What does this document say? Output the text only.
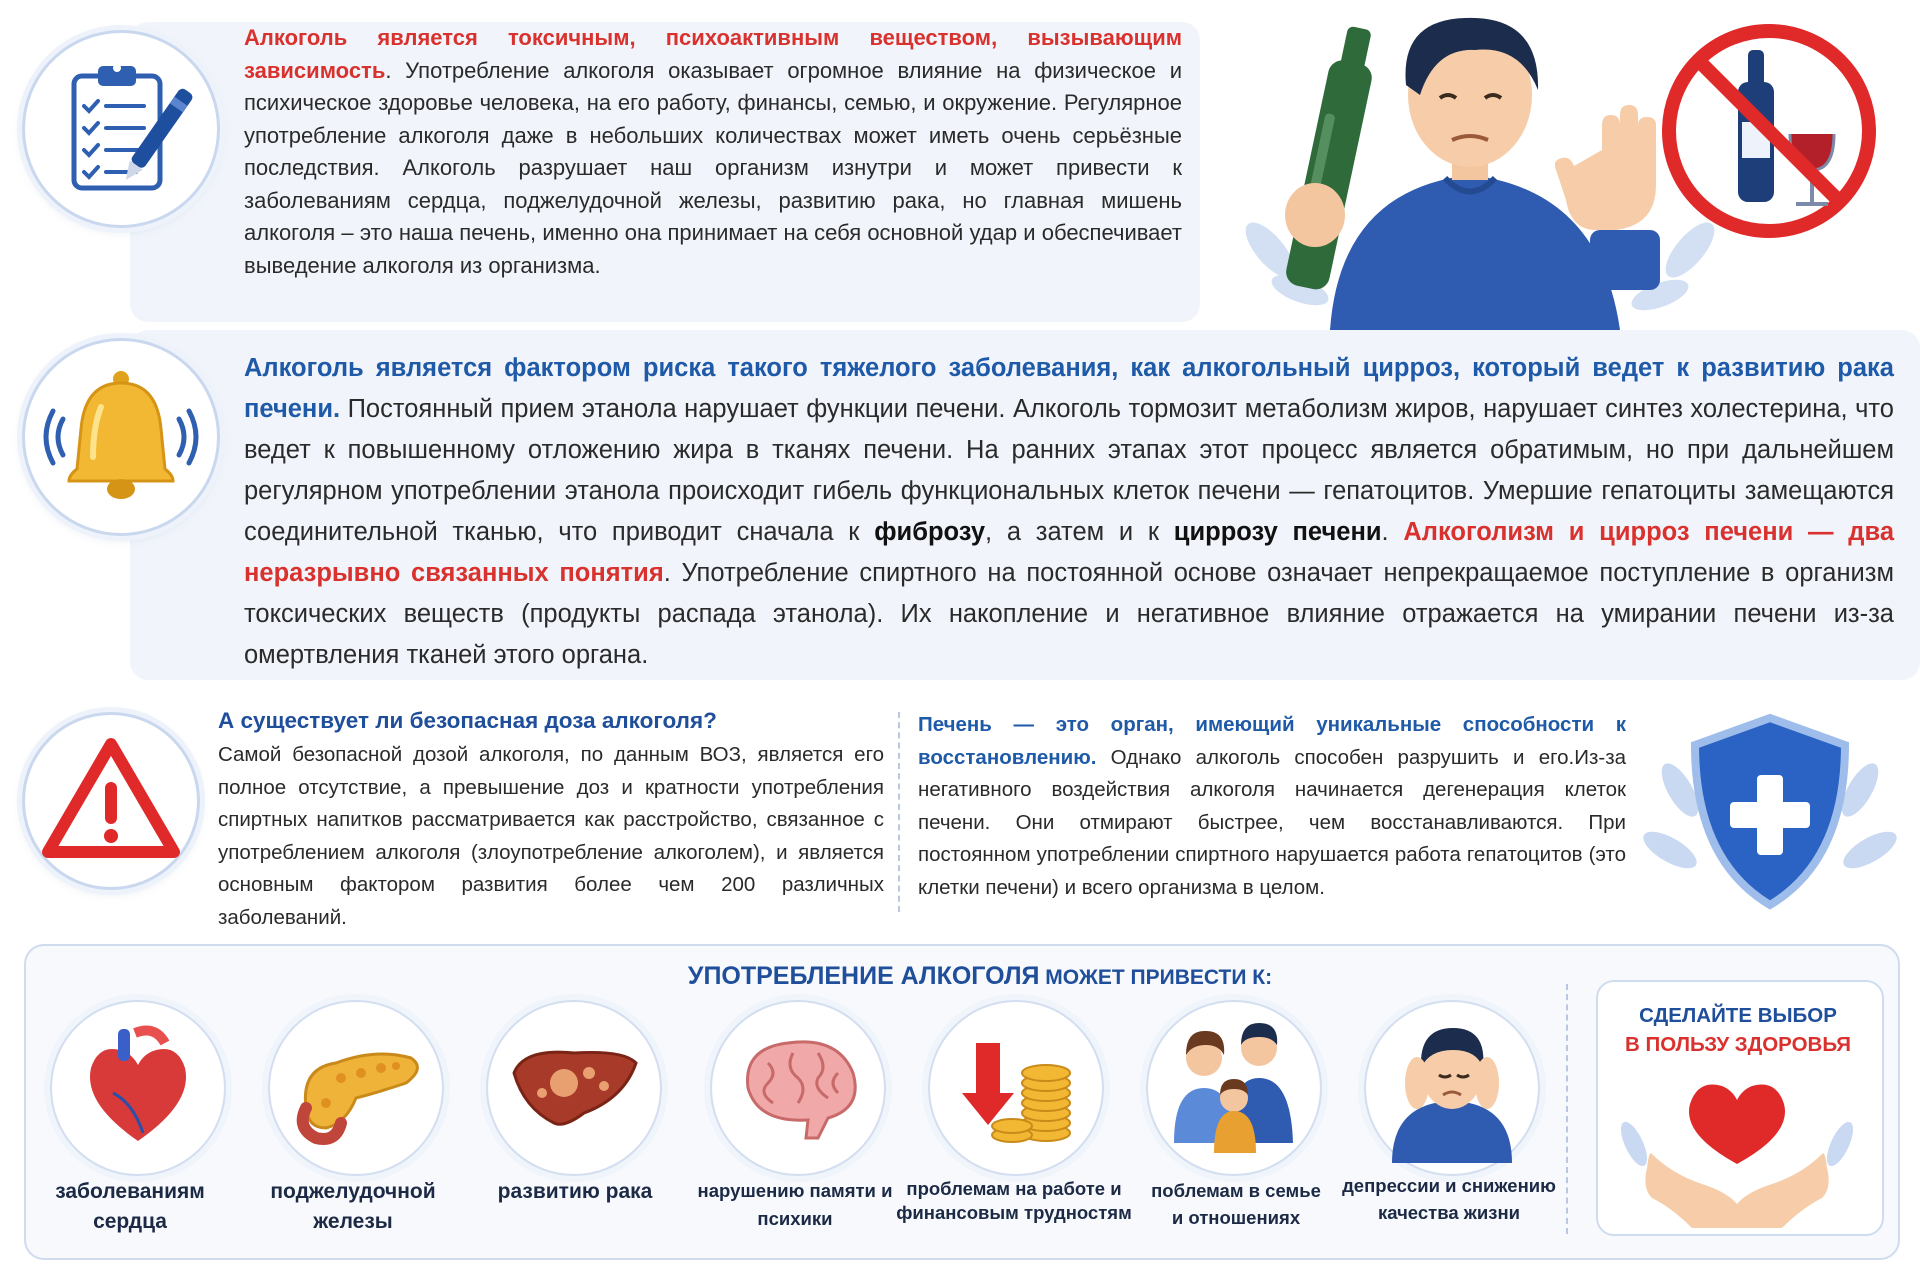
Алкоголь является токсичным, психоактивным веществом, вызывающим зависимость. Употребление алкоголя оказывает огромное влияние на физическое и психическое здоровье человека, на его работу, финансы, семью, и окружение. Регулярное употребление алкоголя даже в небольших количествах может иметь очень серьёзные последствия. Алкоголь разрушает наш организм изнутри и может привести к заболеваниям сердца, поджелудочной железы, развитию рака, но главная мишень алкоголя – это наша печень, именно она принимает на себя основной удар и обеспечивает выведение алкоголя из организма.
Алкоголь является фактором риска такого тяжелого заболевания, как алкогольный цирроз, который ведет к развитию рака печени. Постоянный прием этанола нарушает функции печени. Алкоголь тормозит метаболизм жиров, нарушает синтез холестерина, что ведет к повышенному отложению жира в тканях печени. На ранних этапах этот процесс является обратимым, но при дальнейшем регулярном употреблении этанола происходит гибель функциональных клеток печени — гепатоцитов. Умершие гепатоциты замещаются соединительной тканью, что приводит сначала к фиброзу, а затем и к циррозу печени. Алкоголизм и цирроз печени — два неразрывно связанных понятия. Употребление спиртного на постоянной основе означает непрекращаемое поступление в организм токсических веществ (продукты распада этанола). Их накопление и негативное влияние отражается на умирании печени из-за омертвления тканей этого органа.
А существует ли безопасная доза алкоголя?
Самой безопасной дозой алкоголя, по данным ВОЗ, является его полное отсутствие, а превышение доз и кратности употребления спиртных напитков рассматривается как расстройство, связанное с употреблением алкоголя (злоупотребление алкоголем), и является основным фактором развития более чем 200 различных заболеваний.
Печень — это орган, имеющий уникальные способности к восстановлению. Однако алкоголь способен разрушить и его.Из-за негативного воздействия алкоголя начинается дегенерация клеток печени. Они отмирают быстрее, чем восстанавливаются. При постоянном употреблении спиртного нарушается работа гепатоцитов (это клетки печени) и всего организма в целом.
УПОТРЕБЛЕНИЕ АЛКОГОЛЯ МОЖЕТ ПРИВЕСТИ К:
заболеваниям сердца
поджелудочной железы
развитию рака	нарушению памяти и психики
проблемам на работе и финансовым трудностям
поблемам в семье и отношениях
депрессии и снижению качества жизни
СДЕЛАЙТЕ ВЫБОР
В ПОЛЬЗУ ЗДОРОВЬЯ
